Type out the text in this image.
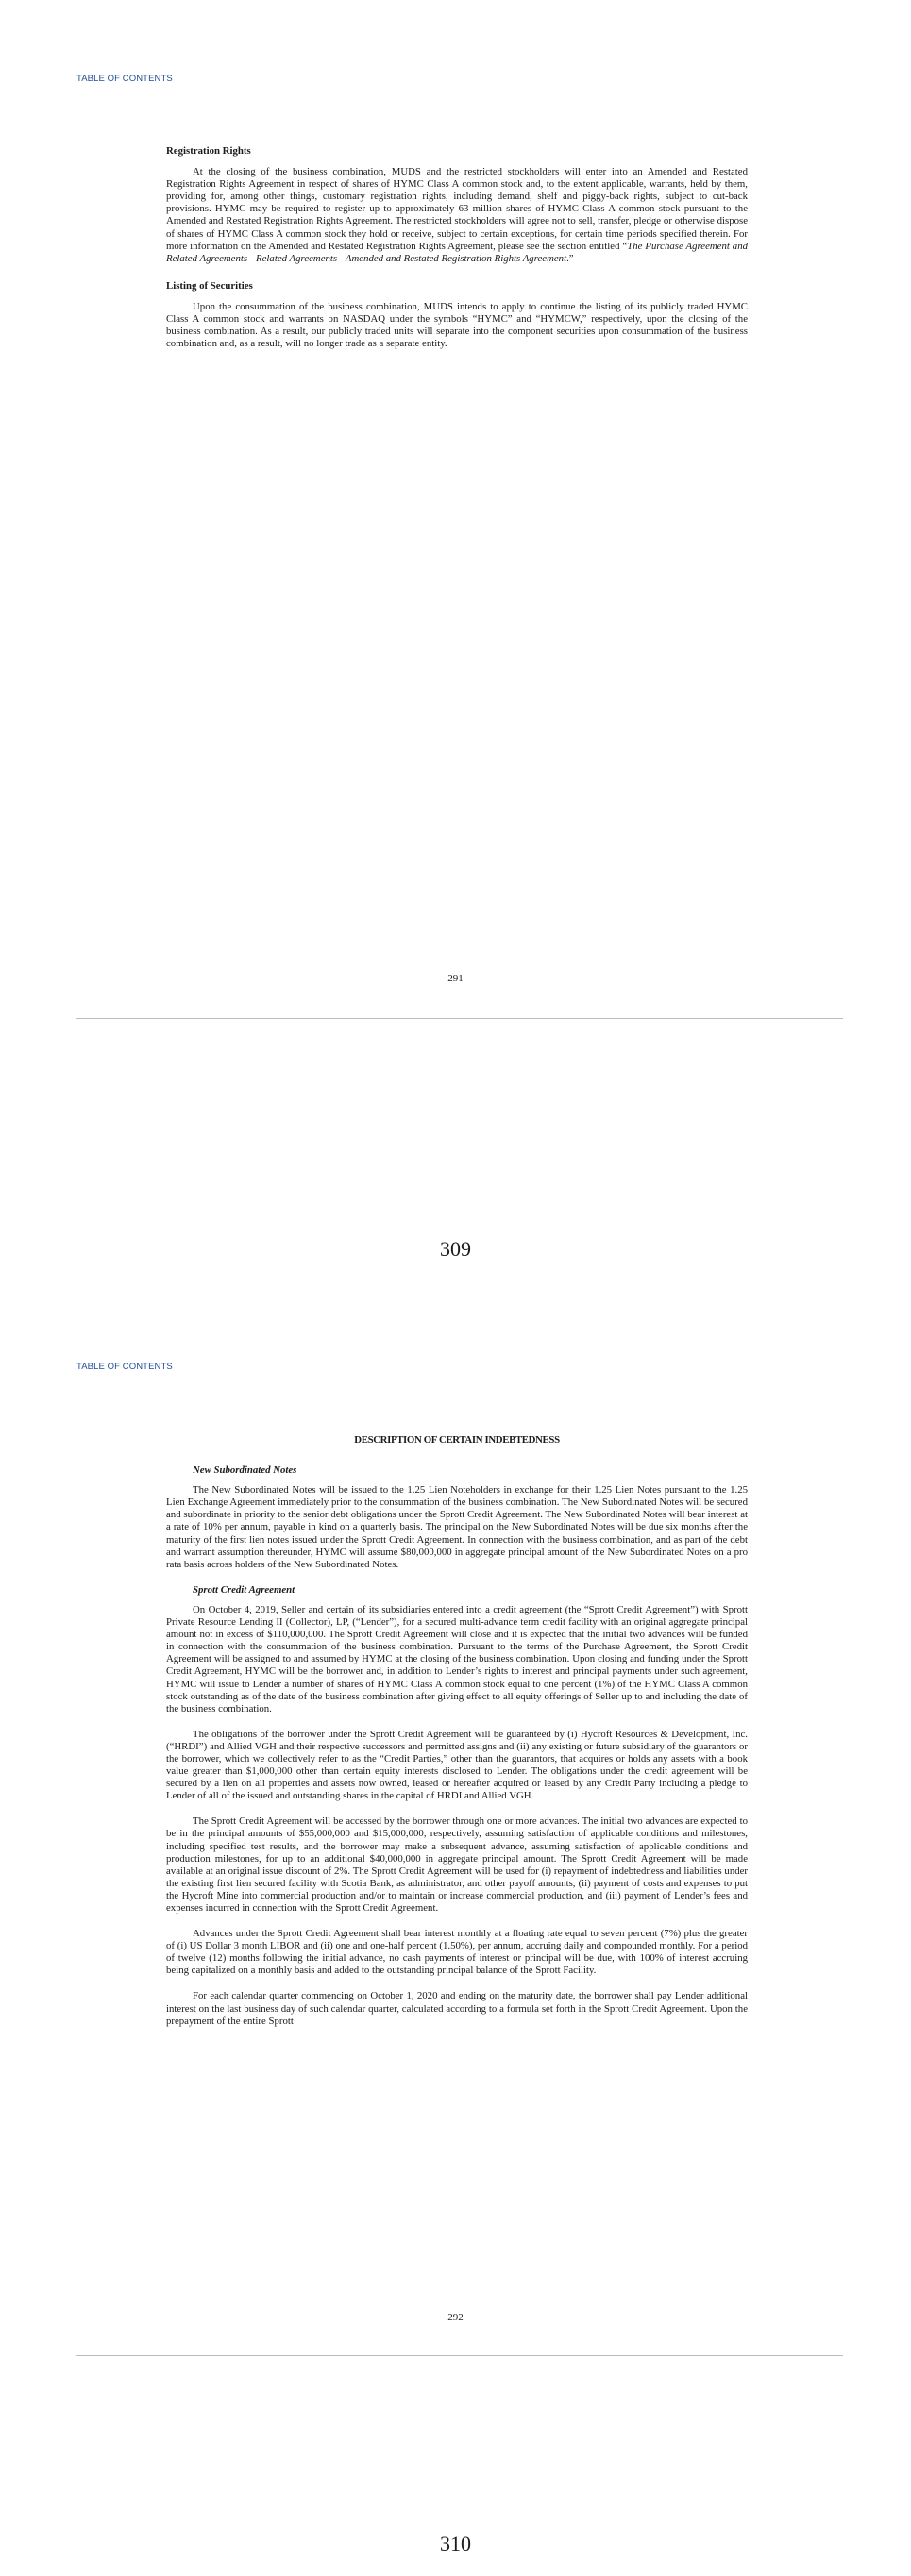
TABLE OF CONTENTS
Registration Rights

At the closing of the business combination, MUDS and the restricted stockholders will enter into an Amended and Restated Registration Rights Agreement in respect of shares of HYMC Class A common stock and, to the extent applicable, warrants, held by them, providing for, among other things, customary registration rights, including demand, shelf and piggy-back rights, subject to cut-back provisions. HYMC may be required to register up to approximately 63 million shares of HYMC Class A common stock pursuant to the Amended and Restated Registration Rights Agreement. The restricted stockholders will agree not to sell, transfer, pledge or otherwise dispose of shares of HYMC Class A common stock they hold or receive, subject to certain exceptions, for certain time periods specified therein. For more information on the Amended and Restated Registration Rights Agreement, please see the section entitled “The Purchase Agreement and Related Agreements - Related Agreements - Amended and Restated Registration Rights Agreement.”

Listing of Securities

Upon the consummation of the business combination, MUDS intends to apply to continue the listing of its publicly traded HYMC Class A common stock and warrants on NASDAQ under the symbols “HYMC” and “HYMCW,” respectively, upon the closing of the business combination. As a result, our publicly traded units will separate into the component securities upon consummation of the business combination and, as a result, will no longer trade as a separate entity.

291
309
TABLE OF CONTENTS
DESCRIPTION OF CERTAIN INDEBTEDNESS
New Subordinated Notes

The New Subordinated Notes will be issued to the 1.25 Lien Noteholders in exchange for their 1.25 Lien Notes pursuant to the 1.25 Lien Exchange Agreement immediately prior to the consummation of the business combination. The New Subordinated Notes will be secured and subordinate in priority to the senior debt obligations under the Sprott Credit Agreement. The New Subordinated Notes will bear interest at a rate of 10% per annum, payable in kind on a quarterly basis. The principal on the New Subordinated Notes will be due six months after the maturity of the first lien notes issued under the Sprott Credit Agreement. In connection with the business combination, and as part of the debt and warrant assumption thereunder, HYMC will assume $80,000,000 in aggregate principal amount of the New Subordinated Notes on a pro rata basis across holders of the New Subordinated Notes.

Sprott Credit Agreement

On October 4, 2019, Seller and certain of its subsidiaries entered into a credit agreement (the “Sprott Credit Agreement”) with Sprott Private Resource Lending II (Collector), LP, (“Lender”), for a secured multi-advance term credit facility with an original aggregate principal amount not in excess of $110,000,000. The Sprott Credit Agreement will close and it is expected that the initial two advances will be funded in connection with the consummation of the business combination. Pursuant to the terms of the Purchase Agreement, the Sprott Credit Agreement will be assigned to and assumed by HYMC at the closing of the business combination. Upon closing and funding under the Sprott Credit Agreement, HYMC will be the borrower and, in addition to Lender’s rights to interest and principal payments under such agreement, HYMC will issue to Lender a number of shares of HYMC Class A common stock equal to one percent (1%) of the HYMC Class A common stock outstanding as of the date of the business combination after giving effect to all equity offerings of Seller up to and including the date of the business combination.

The obligations of the borrower under the Sprott Credit Agreement will be guaranteed by (i) Hycroft Resources & Development, Inc. (“HRDI”) and Allied VGH and their respective successors and permitted assigns and (ii) any existing or future subsidiary of the guarantors or the borrower, which we collectively refer to as the “Credit Parties,” other than the guarantors, that acquires or holds any assets with a book value greater than $1,000,000 other than certain equity interests disclosed to Lender. The obligations under the credit agreement will be secured by a lien on all properties and assets now owned, leased or hereafter acquired or leased by any Credit Party including a pledge to Lender of all of the issued and outstanding shares in the capital of HRDI and Allied VGH.

The Sprott Credit Agreement will be accessed by the borrower through one or more advances. The initial two advances are expected to be in the principal amounts of $55,000,000 and $15,000,000, respectively, assuming satisfaction of applicable conditions and milestones, including specified test results, and the borrower may make a subsequent advance, assuming satisfaction of applicable conditions and production milestones, for up to an additional $40,000,000 in aggregate principal amount. The Sprott Credit Agreement will be made available at an original issue discount of 2%. The Sprott Credit Agreement will be used for (i) repayment of indebtedness and liabilities under the existing first lien secured facility with Scotia Bank, as administrator, and other payoff amounts, (ii) payment of costs and expenses to put the Hycroft Mine into commercial production and/or to maintain or increase commercial production, and (iii) payment of Lender’s fees and expenses incurred in connection with the Sprott Credit Agreement.

Advances under the Sprott Credit Agreement shall bear interest monthly at a floating rate equal to seven percent (7%) plus the greater of (i) US Dollar 3 month LIBOR and (ii) one and one-half percent (1.50%), per annum, accruing daily and compounded monthly. For a period of twelve (12) months following the initial advance, no cash payments of interest or principal will be due, with 100% of interest accruing being capitalized on a monthly basis and added to the outstanding principal balance of the Sprott Facility.

For each calendar quarter commencing on October 1, 2020 and ending on the maturity date, the borrower shall pay Lender additional interest on the last business day of such calendar quarter, calculated according to a formula set forth in the Sprott Credit Agreement. Upon the prepayment of the entire Sprott

292
310
